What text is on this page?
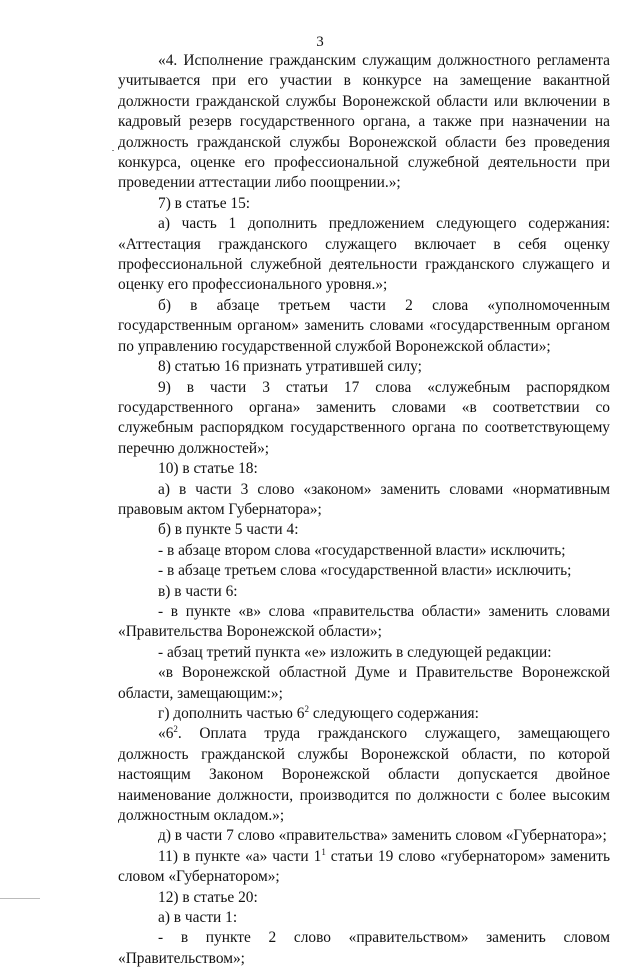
3

«4. Исполнение гражданским служащим должностного регламента учитывается при его участии в конкурсе на замещение вакантной должности гражданской службы Воронежской области или включении в кадровый резерв государственного органа, а также при назначении на должность гражданской службы Воронежской области без проведения конкурса, оценке его профессиональной служебной деятельности при проведении аттестации либо поощрении.»;

7) в статье 15:

а) часть 1 дополнить предложением следующего содержания: «Аттестация гражданского служащего включает в себя оценку профессиональной служебной деятельности гражданского служащего и оценку его профессионального уровня.»;

б) в абзаце третьем части 2 слова «уполномоченным государственным органом» заменить словами «государственным органом по управлению государственной службой Воронежской области»;

8) статью 16 признать утратившей силу;

9) в части 3 статьи 17 слова «служебным распорядком государственного органа» заменить словами «в соответствии со служебным распорядком государственного органа по соответствующему перечню должностей»;

10) в статье 18:

а) в части 3 слово «законом» заменить словами «нормативным правовым актом Губернатора»;

б) в пункте 5 части 4:

- в абзаце втором слова «государственной власти» исключить;

- в абзаце третьем слова «государственной власти» исключить;

в) в части 6:

- в пункте «в» слова «правительства области» заменить словами «Правительства Воронежской области»;

- абзац третий пункта «е» изложить в следующей редакции:

«в Воронежской областной Думе и Правительстве Воронежской области, замещающим:»;

г) дополнить частью $6^2$ следующего содержания:

«$6^2$. Оплата труда гражданского служащего, замещающего должность гражданской службы Воронежской области, по которой настоящим Законом Воронежской области допускается двойное наименование должности, производится по должности с более высоким должностным окладом.»;

д) в части 7 слово «правительства» заменить словом «Губернатора»;

11) в пункте «а» части $1^1$ статьи 19 слово «губернатором» заменить словом «Губернатором»;

12) в статье 20:

а) в части 1:

- в пункте 2 слово «правительством» заменить словом «Правительством»;
